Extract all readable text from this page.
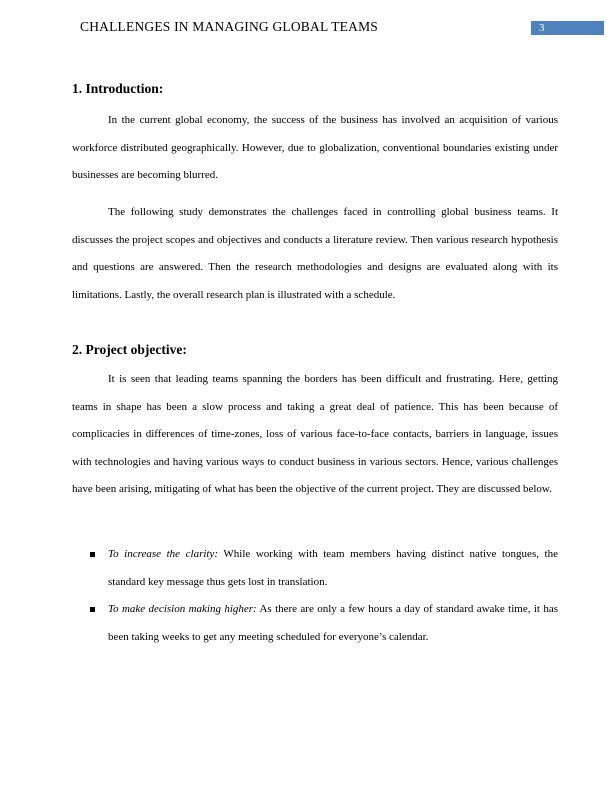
CHALLENGES IN MANAGING GLOBAL TEAMS	3
1. Introduction:

In the current global economy, the success of the business has involved an acquisition of various workforce distributed geographically. However, due to globalization, conventional boundaries existing under businesses are becoming blurred.

The following study demonstrates the challenges faced in controlling global business teams. It discusses the project scopes and objectives and conducts a literature review. Then various research hypothesis and questions are answered. Then the research methodologies and designs are evaluated along with its limitations. Lastly, the overall research plan is illustrated with a schedule.

2. Project objective:

It is seen that leading teams spanning the borders has been difficult and frustrating. Here, getting teams in shape has been a slow process and taking a great deal of patience. This has been because of complicacies in differences of time-zones, loss of various face-to-face contacts, barriers in language, issues with technologies and having various ways to conduct business in various sectors. Hence, various challenges have been arising, mitigating of what has been the objective of the current project. They are discussed below.

To increase the clarity: While working with team members having distinct native tongues, the standard key message thus gets lost in translation.
To make decision making higher: As there are only a few hours a day of standard awake time, it has been taking weeks to get any meeting scheduled for everyone’s calendar.
